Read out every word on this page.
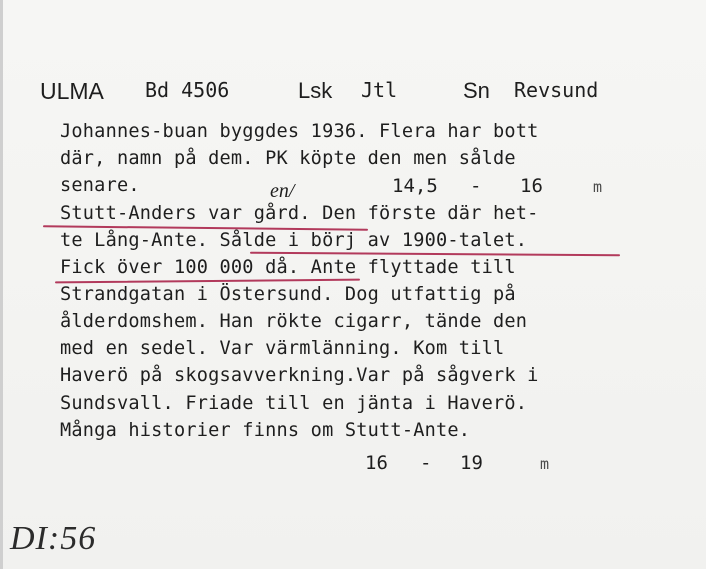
ULMA Bd 4506	Lsk Jtl	Sn Revsund
Johannes-buan byggdes 1936. Flera har bott
där, namn på dem. PK köpte den men sålde
senare.	en/	14,5 - 16	m
Stutt-Anders var gård. Den förste där het-
te Lång-Ante. Sålde i börj av 1900-talet.
Fick över 100 000 då. Ante flyttade till
Strandgatan i Östersund. Dog utfattig på
ålderdomshem. Han rökte cigarr, tände den
med en sedel. Var värmlänning. Kom till
Haverö på skogsavverkning.Var på sågverk i
Sundsvall. Friade till en jänta i Haverö.
Många historier finns om Stutt-Ante.
16 - 19	m
DI:56
